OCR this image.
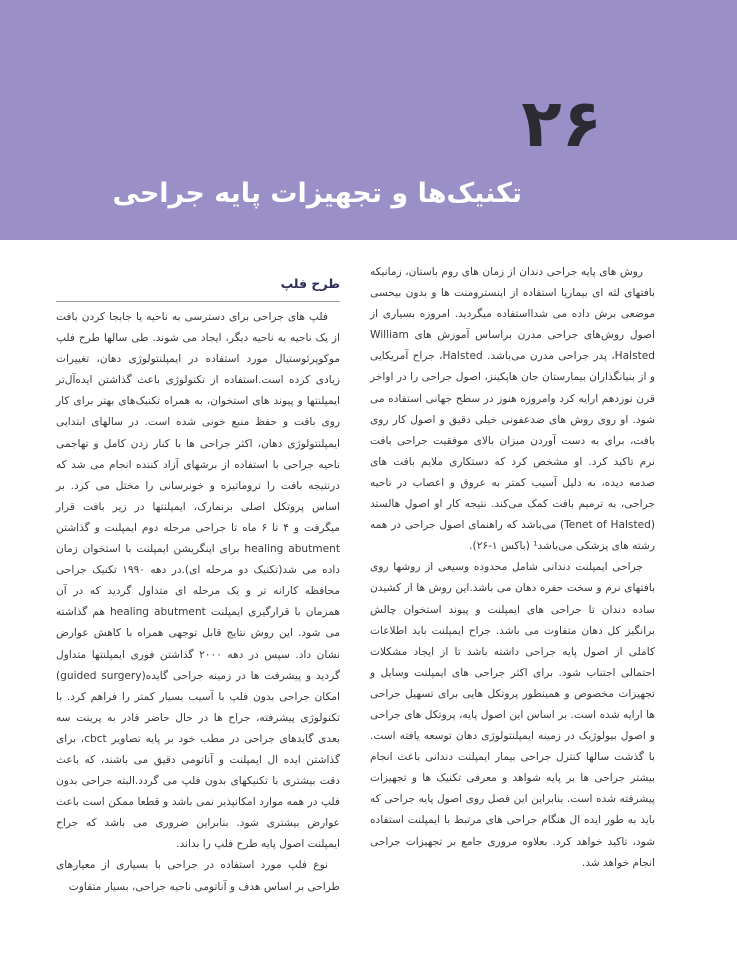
۲۶
تکنیک‌ها و تجهیزات پایه جراحی

روش های پایه جراحی دندان از زمان های روم باستان، زمانیکه بافتهای لثه ای بیماریا استفاده از اینسترومنت ها و بدون بیحسی موضعی برش داده می شدااستفاده میگردید. امروزه بسیاری از اصول روش‌های جراحی مدرن براساس آموزش های William Halsted، پدر جراحی مدرن می‌باشد. Halsted، جراح آمریکایی و از بنیانگذاران بیمارستان جان هاپکینز، اصول جراحی را در اواخر قرن نوزدهم ارایه کرد وامروزه هنوز در سطح جهانی استفاده می شود. او روی روش های ضدعفونی خیلی دقیق و اصول کار روی بافت، برای به دست آوردن میزان بالای موفقیت جراحی بافت نرم تاکید کرد. او مشخص کرد که دستکاری ملایم بافت های صدمه دیده، به دلیل آسیب کمتر به عروق و اعصاب در ناحیه جراحی، به ترمیم بافت کمک می‌کند. نتیجه کار او اصول هالستد (Tenet of Halsted) می‌باشد که راهنمای اصول جراحی در همه رشته های پزشکی می‌باشد¹ (باکس ۱-۲۶).

جراحی ایمپلنت دندانی شامل محدوده وسیعی از روشها روی بافتهای نرم و سخت حفره دهان می باشد.این روش ها از کشیدن ساده دندان تا جراحی های ایمپلنت و پیوند استخوان چالش برانگیز کل دهان متفاوت می باشد. جراح ایمپلنت باید اطلاعات کاملی از اصول پایه جراحی داشته باشد تا از ایجاد مشکلات احتمالی اجتناب شود. برای اکثر جراحی های ایمپلنت وسایل و تجهیزات مخصوص و همینطور پروتکل هایی برای تسهیل جراحی ها ارایه شده است. بر اساس این اصول پایه، پروتکل های جراحی و اصول بیولوژیک در زمینه ایمپلنتولوژی دهان توسعه یافته است. با گذشت سالها کنترل جراحی بیمار ایمپلنت دندانی باعث انجام بیشتر جراحی ها بر پایه شواهد و معرفی تکنیک ها و تجهیزات پیشرفته شده است. بنابراین این فصل روی اصول پایه جراحی که باید به طور ایده ال هنگام جراحی های مرتبط با ایمپلنت استفاده شود، تاکید خواهد کرد. بعلاوه مروری جامع بر تجهیزات جراحی انجام خواهد شد.

طرح فلپ

فلپ های جراحی برای دسترسی به ناحیه یا جابجا کردن بافت از یک ناحیه به ناحیه دیگر، ایجاد می شوند. طی سالها طرح فلپ موکوپرئوستیال مورد استفاده در ایمپلنتولوژی دهان، تغییرات زیادی کرده است.استفاده از تکنولوژی باعث گذاشتن ایده‌آل‌تر ایمپلنتها و پیوند های استخوان، به همراه تکنیک‌های بهتر برای کار روی بافت و حفظ منبع خونی شده است. در سالهای ابتدایی ایمپلنتولوژی دهان، اکثر جراحی ها با کنار زدن کامل و تهاجمی ناحیه جراحی با استفاده از برشهای آزاد کننده انجام می شد که درنتیجه بافت را تروماتیزه و خونرسانی را مختل می کرد. بر اساس پروتکل اصلی برنمارک، ایمپلنتها در زیر بافت قرار میگرفت و ۴ تا ۶ ماه تا جراحی مرحله دوم ایمپلنت و گذاشتن healing abutment برای اینگریشن ایمپلنت با استخوان زمان داده می شد(تکنیک دو مرحله ای).در دهه ۱۹۹۰ تکنیک جراحی محافظه کارانه تر و یک مرحله ای متداول گردید که در آن همزمان با قرارگیری ایمپلنت healing abutment هم گذاشته می شود. این روش نتایج قابل توجهی همراه با کاهش عوارض نشان داد. سپس در دهه ۲۰۰۰ گذاشتن فوری ایمپلنتها متداول گردید و پیشرفت ها در زمینه جراحی گایده(guided surgery) امکان جراحی بدون فلپ با آسیب بسیار کمتر را فراهم کرد. با تکنولوژی پیشرفته، جراح ها در حال حاضر قادر به پرینت سه بعدی گایدهای جراحی در مطب خود بر پایه تصاویر cbct، برای گذاشتن ایده ال ایمپلنت و آناتومی دقیق می باشند، که باعث دقت بیشتری با تکنیکهای بدون فلپ می گردد.البته جراحی بدون فلپ در همه موارد امکانپذیر نمی باشد و قطعا ممکن است باعث عوارض بیشتری شود. بنابراین ضروری می باشد که جراح ایمپلنت اصول پایه طرح فلپ را بداند.

نوع فلپ مورد استفاده در جراحی با بسیاری از معیارهای طراحی بر اساس هدف و آناتومی ناحیه جراحی، بسیار متفاوت
